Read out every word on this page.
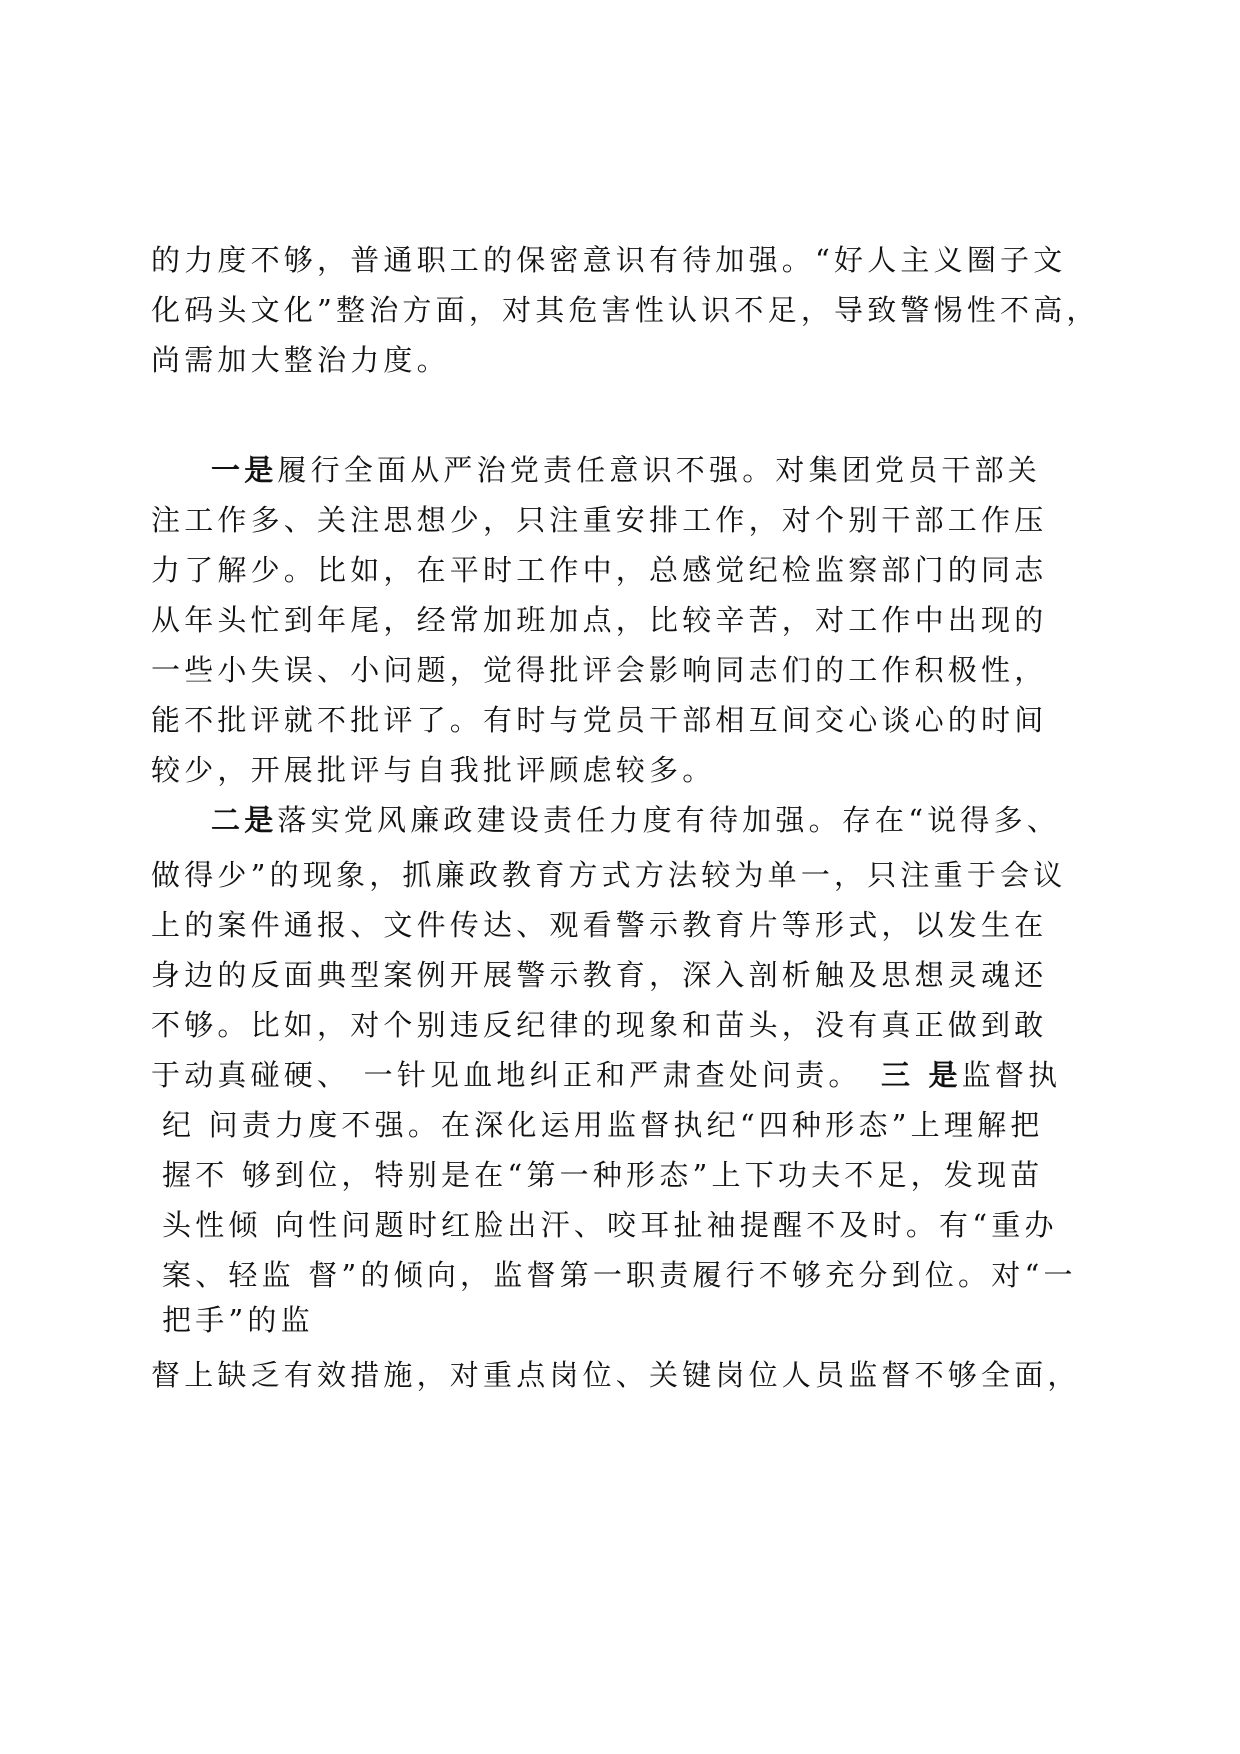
的力度不够，普通职工的保密意识有待加强。“好人主义圈子文
化码头文化”整治方面，对其危害性认识不足，导致警惕性不高，
尚需加大整治力度。
一是履行全面从严治党责任意识不强。对集团党员干部关
注工作多、关注思想少，只注重安排工作，对个别干部工作压
力了解少。比如，在平时工作中，总感觉纪检监察部门的同志
从年头忙到年尾，经常加班加点，比较辛苦，对工作中出现的
一些小失误、小问题，觉得批评会影响同志们的工作积极性，
能不批评就不批评了。有时与党员干部相互间交心谈心的时间
较少，开展批评与自我批评顾虑较多。
二是落实党风廉政建设责任力度有待加强。存在“说得多、
做得少”的现象，抓廉政教育方式方法较为单一，只注重于会议
上的案件通报、文件传达、观看警示教育片等形式，以发生在
身边的反面典型案例开展警示教育，深入剖析触及思想灵魂还
不够。比如，对个别违反纪律的现象和苗头，没有真正做到敢
于动真碰硬、 一针见血地纠正和严肃查处问责。 三 是监督执
纪 问责力度不强。在深化运用监督执纪“四种形态”上理解把
握不 够到位，特别是在“第一种形态”上下功夫不足，发现苗
头性倾 向性问题时红脸出汗、咬耳扯袖提醒不及时。有“重办
案、轻监 督”的倾向，监督第一职责履行不够充分到位。对“一
把手”的监
督上缺乏有效措施，对重点岗位、关键岗位人员监督不够全面，
